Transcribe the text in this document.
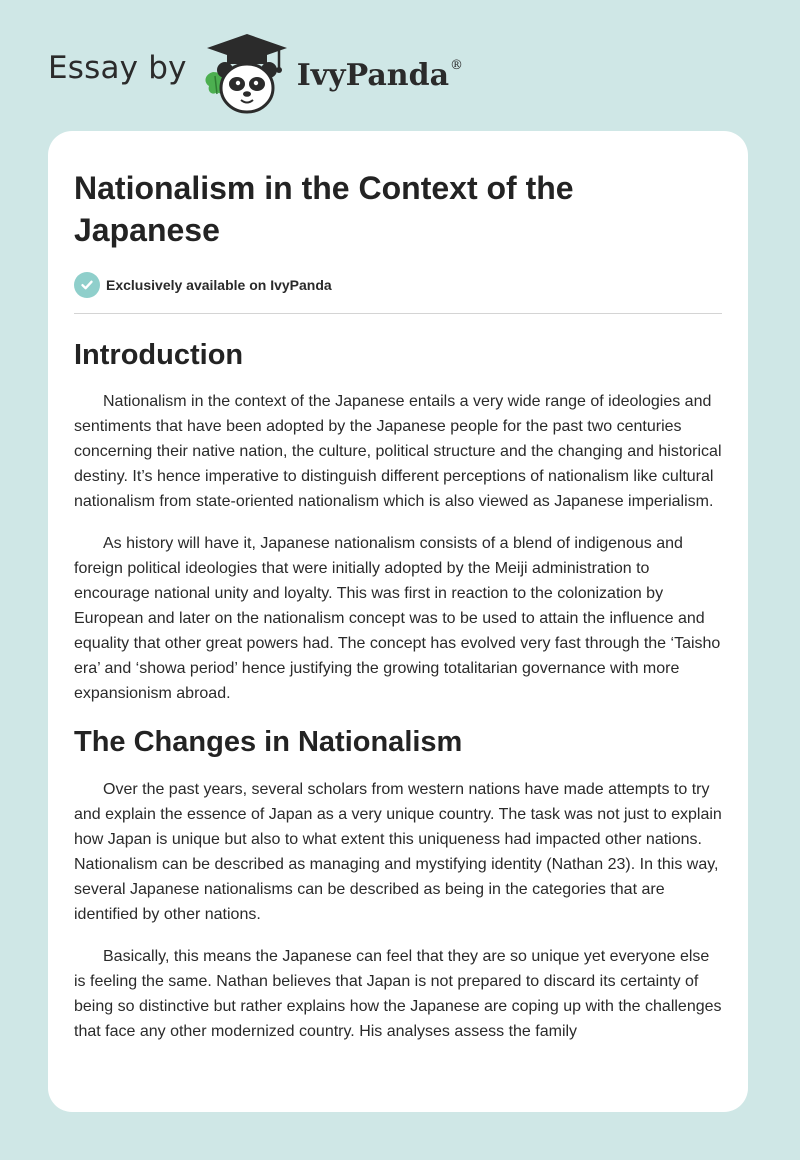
Essay by	IvyPanda®
Nationalism in the Context of the Japanese
Exclusively available on IvyPanda
Introduction

Nationalism in the context of the Japanese entails a very wide range of ideologies and sentiments that have been adopted by the Japanese people for the past two centuries concerning their native nation, the culture, political structure and the changing and historical destiny. It’s hence imperative to distinguish different perceptions of nationalism like cultural nationalism from state-oriented nationalism which is also viewed as Japanese imperialism.

As history will have it, Japanese nationalism consists of a blend of indigenous and foreign political ideologies that were initially adopted by the Meiji administration to encourage national unity and loyalty. This was first in reaction to the colonization by European and later on the nationalism concept was to be used to attain the influence and equality that other great powers had. The concept has evolved very fast through the ‘Taisho era’ and ‘showa period’ hence justifying the growing totalitarian governance with more expansionism abroad.

The Changes in Nationalism

Over the past years, several scholars from western nations have made attempts to try and explain the essence of Japan as a very unique country. The task was not just to explain how Japan is unique but also to what extent this uniqueness had impacted other nations. Nationalism can be described as managing and mystifying identity (Nathan 23). In this way, several Japanese nationalisms can be described as being in the categories that are identified by other nations.

Basically, this means the Japanese can feel that they are so unique yet everyone else is feeling the same. Nathan believes that Japan is not prepared to discard its certainty of being so distinctive but rather explains how the Japanese are coping up with the challenges that face any other modernized country. His analyses assess the family
